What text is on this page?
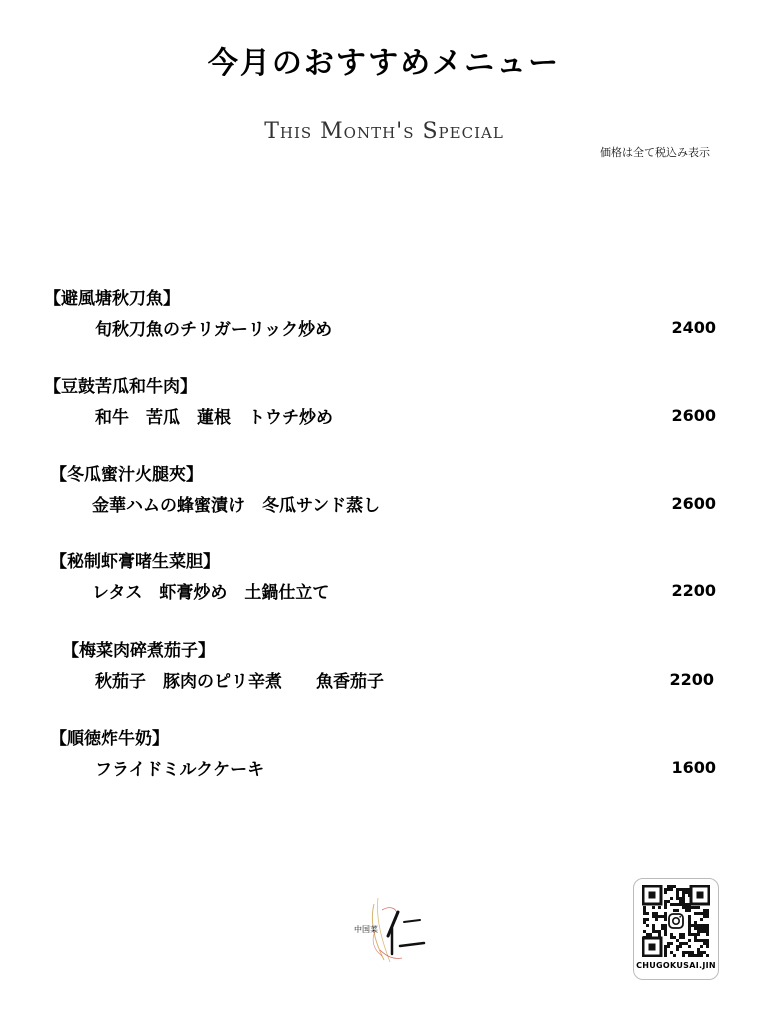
今月のおすすめメニュー
This Month's Special
価格は全て税込み表示
【避風塘秋刀魚】
旬秋刀魚のチリガーリック炒め	2400
【豆鼓苦瓜和牛肉】
和牛　苦瓜　蓮根　トウチ炒め	2600
【冬瓜蜜汁火腿夾】
金華ハムの蜂蜜漬け　冬瓜サンド蒸し	2600
【秘制虾膏啫生菜胆】
レタス　虾膏炒め　土鍋仕立て	2200
【梅菜肉碎煮茄子】
秋茄子　豚肉のピリ辛煮　　魚香茄子	2200
【順徳炸牛奶】
フライドミルクケーキ	1600
中国菜
CHUGOKUSAI.JIN
